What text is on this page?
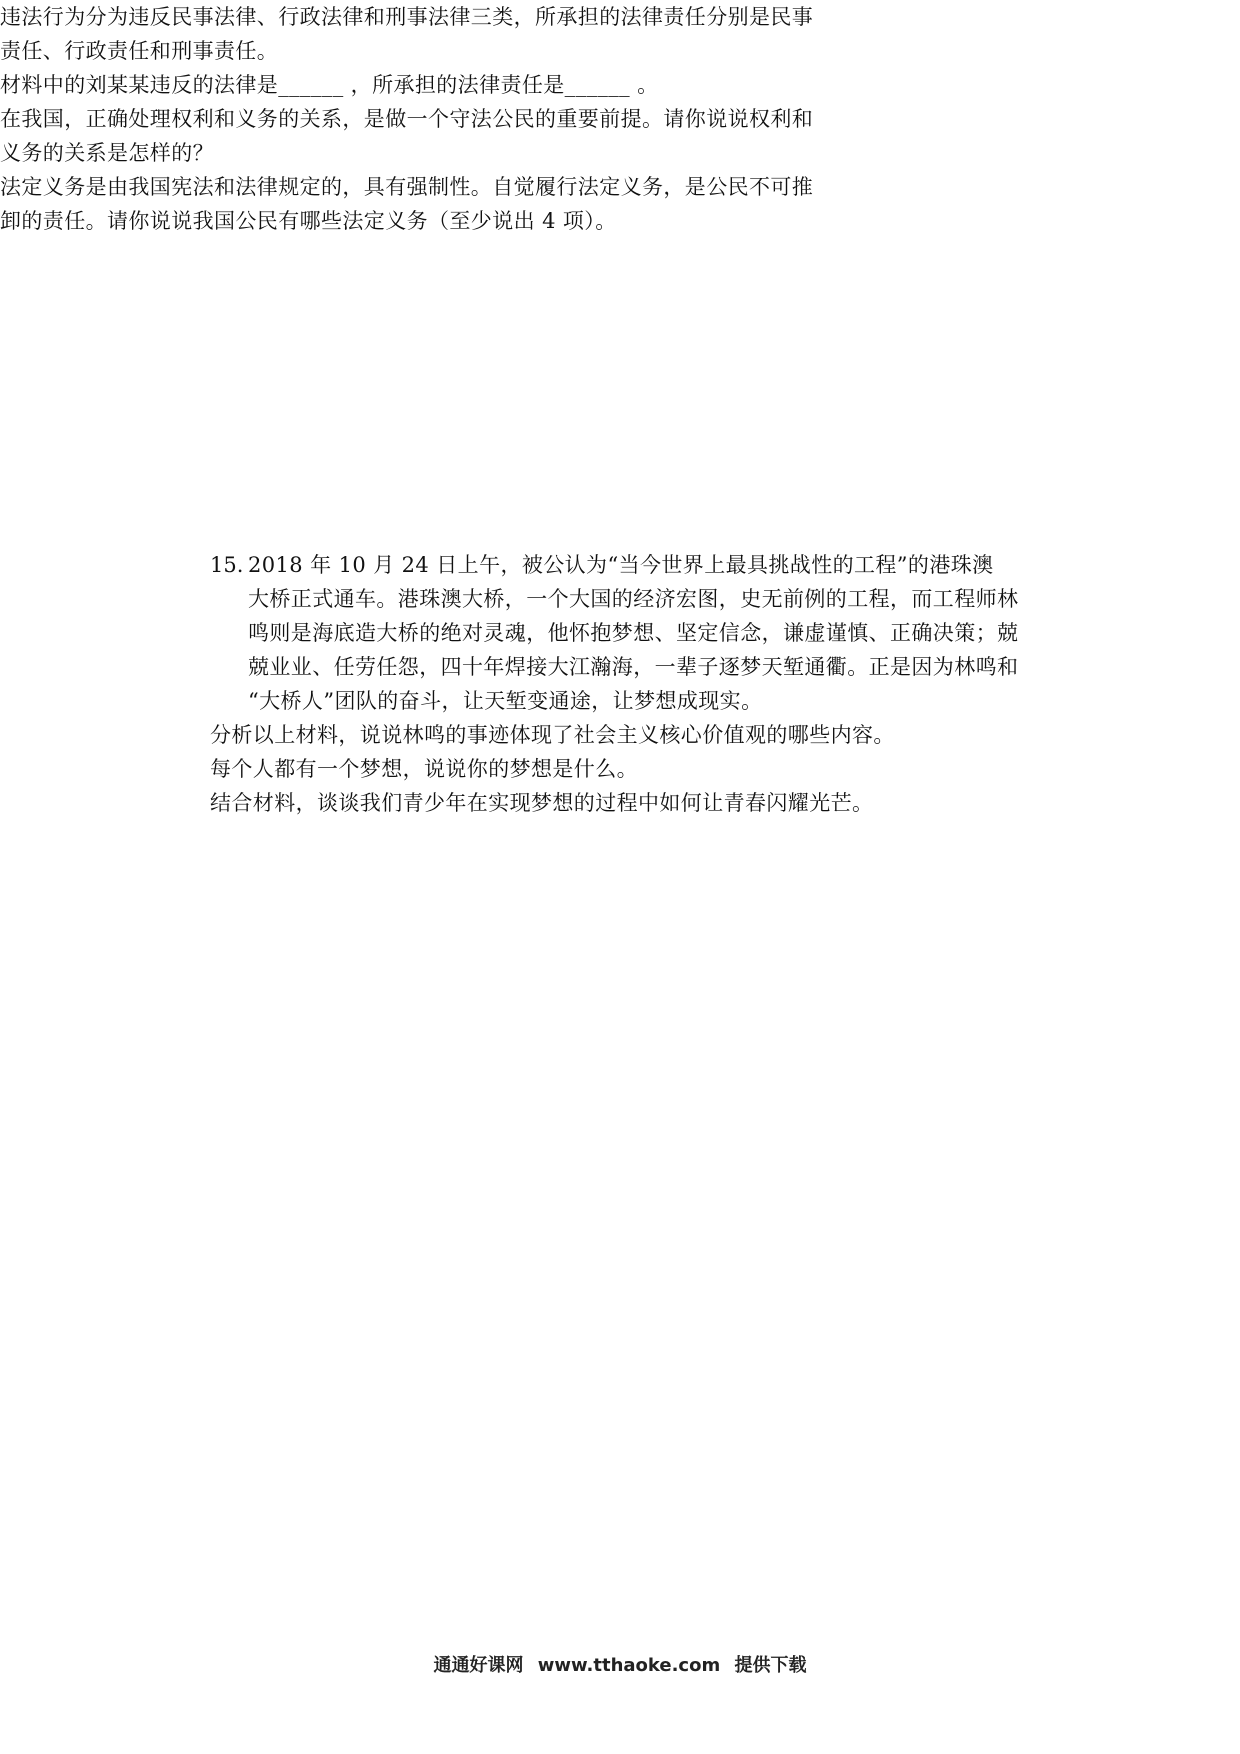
违法行为分为违反民事法律、行政法律和刑事法律三类，所承担的法律责任分别是民事
责任、行政责任和刑事责任。
材料中的刘某某违反的法律是______ ，所承担的法律责任是______ 。
在我国，正确处理权利和义务的关系，是做一个守法公民的重要前提。请你说说权利和
义务的关系是怎样的？
法定义务是由我国宪法和法律规定的，具有强制性。自觉履行法定义务，是公民不可推
卸的责任。请你说说我国公民有哪些法定义务（至少说出 4 项）。
15. 2018 年 10 月 24 日上午，被公认为“当今世界上最具挑战性的工程”的港珠澳
大桥正式通车。港珠澳大桥，一个大国的经济宏图，史无前例的工程，而工程师林
鸣则是海底造大桥的绝对灵魂，他怀抱梦想、坚定信念，谦虚谨慎、正确决策；兢
兢业业、任劳任怨，四十年焊接大江瀚海，一辈子逐梦天堑通衢。正是因为林鸣和
“大桥人”团队的奋斗，让天堑变通途，让梦想成现实。
分析以上材料，说说林鸣的事迹体现了社会主义核心价值观的哪些内容。
每个人都有一个梦想，说说你的梦想是什么。
结合材料，谈谈我们青少年在实现梦想的过程中如何让青春闪耀光芒。
通通好课网 www.tthaoke.com 提供下载
